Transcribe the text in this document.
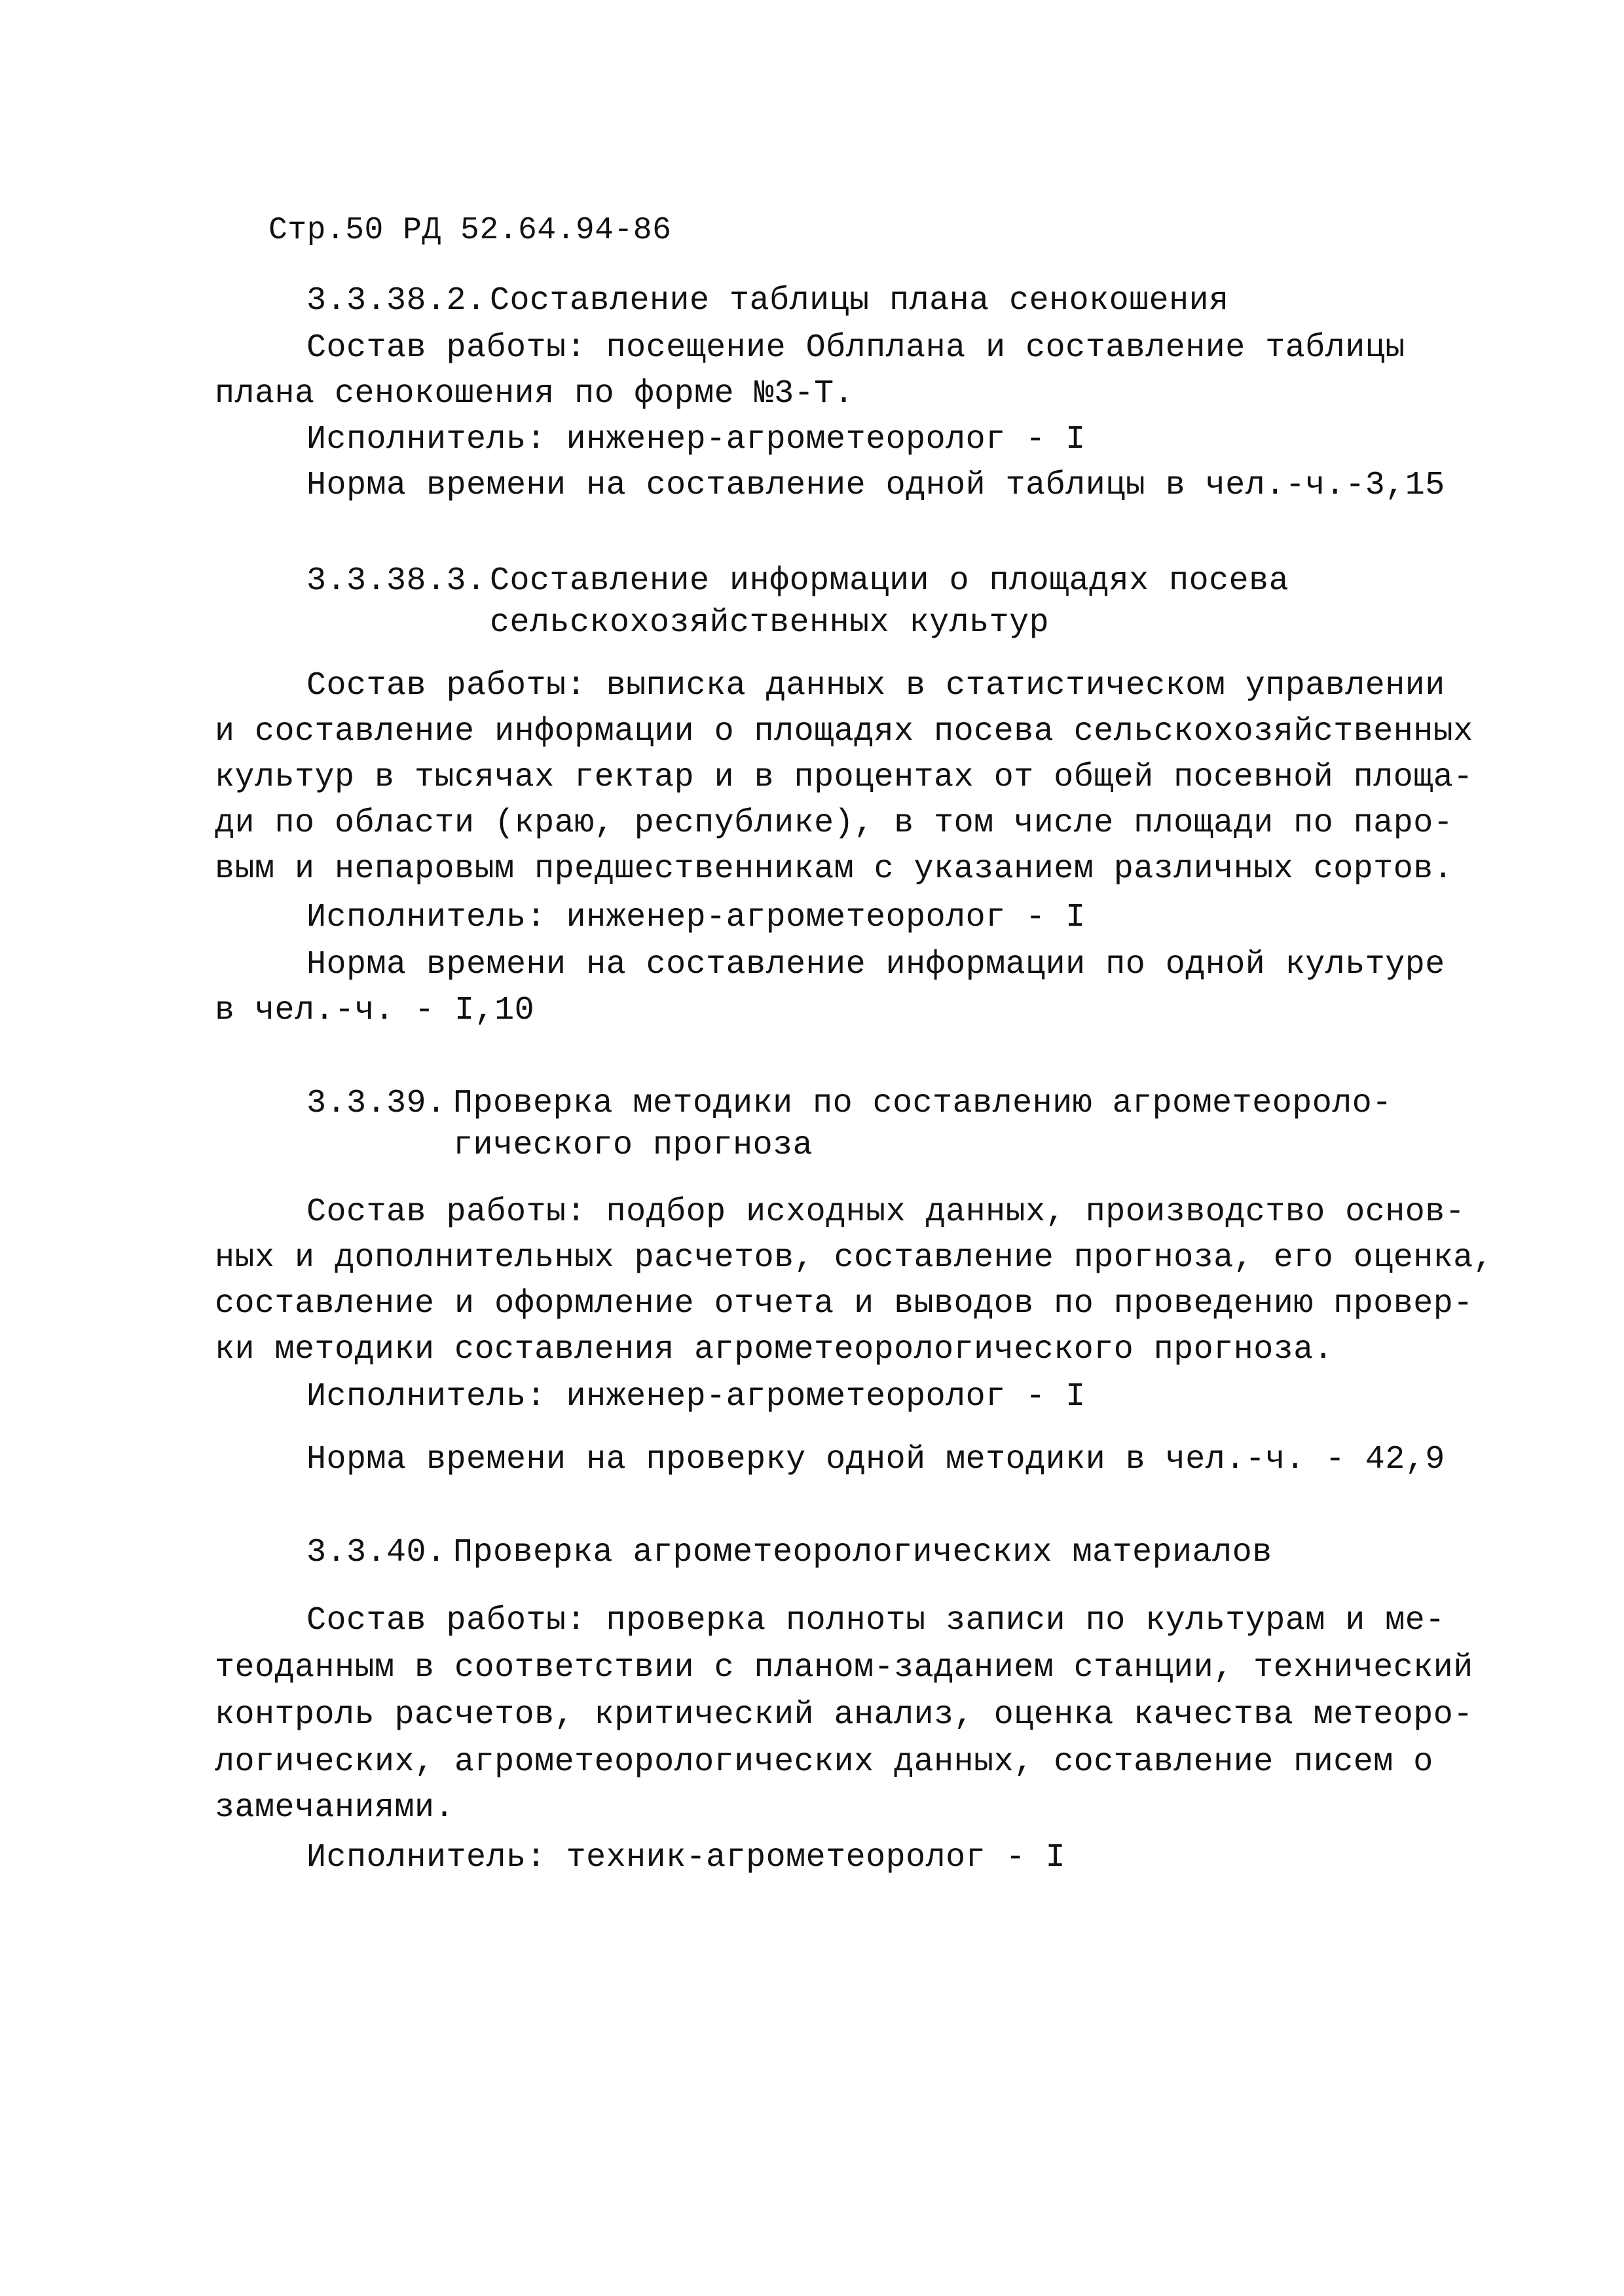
Стр.50 РД 52.64.94-86
3.3.38.2. Составление таблицы плана сенокошения
Состав работы: посещение Облплана и составление таблицы
плана сенокошения по форме №3-Т.
Исполнитель: инженер-агрометеоролог - I
Норма времени на составление одной таблицы в чел.-ч.-3,15
3.3.38.3. Составление информации о площадях посева
сельскохозяйственных культур
Состав работы: выписка данных в статистическом управлении
и составление информации о площадях посева сельскохозяйственных
культур в тысячах гектар и в процентах от общей посевной площа-
ди по области (краю, республике), в том числе площади по паро-
вым и непаровым предшественникам с указанием различных сортов.
Исполнитель: инженер-агрометеоролог - I
Норма времени на составление информации по одной культуре
в чел.-ч. - I,10
3.3.39. Проверка методики по составлению агрометеороло-
гического прогноза
Состав работы: подбор исходных данных, производство основ-
ных и дополнительных расчетов, составление прогноза, его оценка,
составление и оформление отчета и выводов по проведению провер-
ки методики составления агрометеорологического прогноза.
Исполнитель: инженер-агрометеоролог - I
Норма времени на проверку одной методики в чел.-ч. - 42,9
3.3.40. Проверка агрометеорологических материалов
Состав работы: проверка полноты записи по культурам и ме-
теоданным в соответствии с планом-заданием станции, технический
контроль расчетов, критический анализ, оценка качества метеоро-
логических, агрометеорологических данных, составление писем о
замечаниями.
Исполнитель: техник-агрометеоролог - I
